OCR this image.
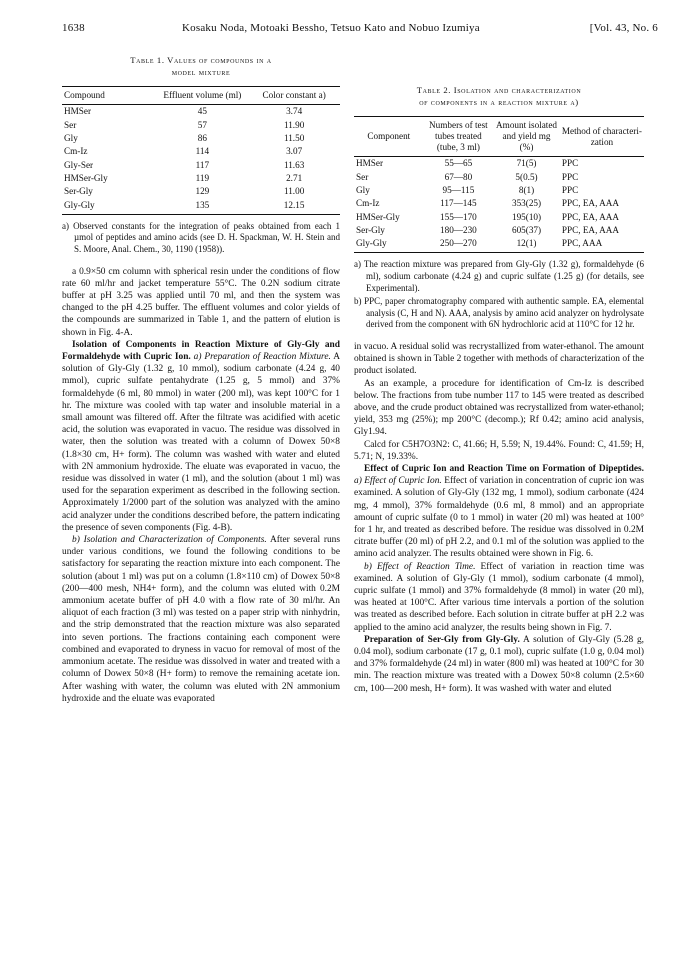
1638	Kosaku Noda, Motoaki Bessho, Tetsuo Kato and Nobuo Izumiya	[Vol. 43, No. 6
Table 1. Values of compounds in a
model mixture
Compound	Effluent volume (ml)	Color constant a)
HMSer	45	3.74
Ser	57	11.90
Gly	86	11.50
Cm-Iz	114	3.07
Gly-Ser	117	11.63
HMSer-Gly	119	2.71
Ser-Gly	129	11.00
Gly-Gly	135	12.15

a) Observed constants for the integration of peaks obtained from each 1 µmol of peptides and amino acids (see D. H. Spackman, W. H. Stein and S. Moore, Anal. Chem., 30, 1190 (1958)).

a 0.9×50 cm column with spherical resin under the conditions of flow rate 60 ml/hr and jacket temperature 55°C. The 0.2N sodium citrate buffer at pH 3.25 was applied until 70 ml, and then the system was changed to the pH 4.25 buffer. The effluent volumes and color yields of the compounds are summarized in Table 1, and the pattern of elution is shown in Fig. 4-A.

Isolation of Components in Reaction Mixture of Gly-Gly and Formaldehyde with Cupric Ion. a) Preparation of Reaction Mixture. A solution of Gly-Gly (1.32 g, 10 mmol), sodium carbonate (4.24 g, 40 mmol), cupric sulfate pentahydrate (1.25 g, 5 mmol) and 37% formaldehyde (6 ml, 80 mmol) in water (200 ml), was kept 100°C for 1 hr. The mixture was cooled with tap water and insoluble material in a small amount was filtered off. After the filtrate was acidified with acetic acid, the solution was evaporated in vacuo. The residue was dissolved in water, then the solution was treated with a column of Dowex 50×8 (1.8×30 cm, H+ form). The column was washed with water and eluted with 2N ammonium hydroxide. The eluate was evaporated in vacuo, the residue was dissolved in water (1 ml), and the solution (about 1 ml) was used for the separation experiment as described in the following section. Approximately 1/2000 part of the solution was analyzed with the amino acid analyzer under the conditions described before, the pattern indicating the presence of seven components (Fig. 4-B).

b) Isolation and Characterization of Components. After several runs under various conditions, we found the following conditions to be satisfactory for separating the reaction mixture into each component. The solution (about 1 ml) was put on a column (1.8×110 cm) of Dowex 50×8 (200—400 mesh, NH4+ form), and the column was eluted with 0.2M ammonium acetate buffer of pH 4.0 with a flow rate of 30 ml/hr. An aliquot of each fraction (3 ml) was tested on a paper strip with ninhydrin, and the strip demonstrated that the reaction mixture was also separated into seven portions. The fractions containing each component were combined and evaporated to dryness in vacuo for removal of most of the ammonium acetate. The residue was dissolved in water and treated with a column of Dowex 50×8 (H+ form) to remove the remaining acetate ion. After washing with water, the column was eluted with 2N ammonium hydroxide and the eluate was evaporated

Table 2. Isolation and characterization
of components in a reaction mixture a)
Component	Numbers of test tubes treated (tube, 3 ml)	Amount isolated and yield mg (%)	Method of characteri-zation
HMSer	55—65	71(5)	PPC
Ser	67—80	5(0.5)	PPC
Gly	95—115	8(1)	PPC
Cm-Iz	117—145	353(25)	PPC, EA, AAA
HMSer-Gly	155—170	195(10)	PPC, EA, AAA
Ser-Gly	180—230	605(37)	PPC, EA, AAA
Gly-Gly	250—270	12(1)	PPC, AAA

a) The reaction mixture was prepared from Gly-Gly (1.32 g), formaldehyde (6 ml), sodium carbonate (4.24 g) and cupric sulfate (1.25 g) (for details, see Experimental).

b) PPC, paper chromatography compared with authentic sample. EA, elemental analysis (C, H and N). AAA, analysis by amino acid analyzer on hydrolysate derived from the component with 6N hydrochloric acid at 110°C for 12 hr.

in vacuo. A residual solid was recrystallized from water-ethanol. The amount obtained is shown in Table 2 together with methods of characterization of the product isolated.

As an example, a procedure for identification of Cm-Iz is described below. The fractions from tube number 117 to 145 were treated as described above, and the crude product obtained was recrystallized from water-ethanol; yield, 353 mg (25%); mp 200°C (decomp.); Rf 0.42; amino acid analysis, Gly1.94.

Calcd for C5H7O3N2: C, 41.66; H, 5.59; N, 19.44%. Found: C, 41.59; H, 5.71; N, 19.33%.

Effect of Cupric Ion and Reaction Time on Formation of Dipeptides. a) Effect of Cupric Ion. Effect of variation in concentration of cupric ion was examined. A solution of Gly-Gly (132 mg, 1 mmol), sodium carbonate (424 mg, 4 mmol), 37% formaldehyde (0.6 ml, 8 mmol) and an appropriate amount of cupric sulfate (0 to 1 mmol) in water (20 ml) was heated at 100° for 1 hr, and treated as described before. The residue was dissolved in 0.2M citrate buffer (20 ml) of pH 2.2, and 0.1 ml of the solution was applied to the amino acid analyzer. The results obtained were shown in Fig. 6.

b) Effect of Reaction Time. Effect of variation in reaction time was examined. A solution of Gly-Gly (1 mmol), sodium carbonate (4 mmol), cupric sulfate (1 mmol) and 37% formaldehyde (8 mmol) in water (20 ml), was heated at 100°C. After various time intervals a portion of the solution was treated as described before. Each solution in citrate buffer at pH 2.2 was applied to the amino acid analyzer, the results being shown in Fig. 7.

Preparation of Ser-Gly from Gly-Gly. A solution of Gly-Gly (5.28 g, 0.04 mol), sodium carbonate (17 g, 0.1 mol), cupric sulfate (1.0 g, 0.04 mol) and 37% formaldehyde (24 ml) in water (800 ml) was heated at 100°C for 30 min. The reaction mixture was treated with a Dowex 50×8 column (2.5×60 cm, 100—200 mesh, H+ form). It was washed with water and eluted
